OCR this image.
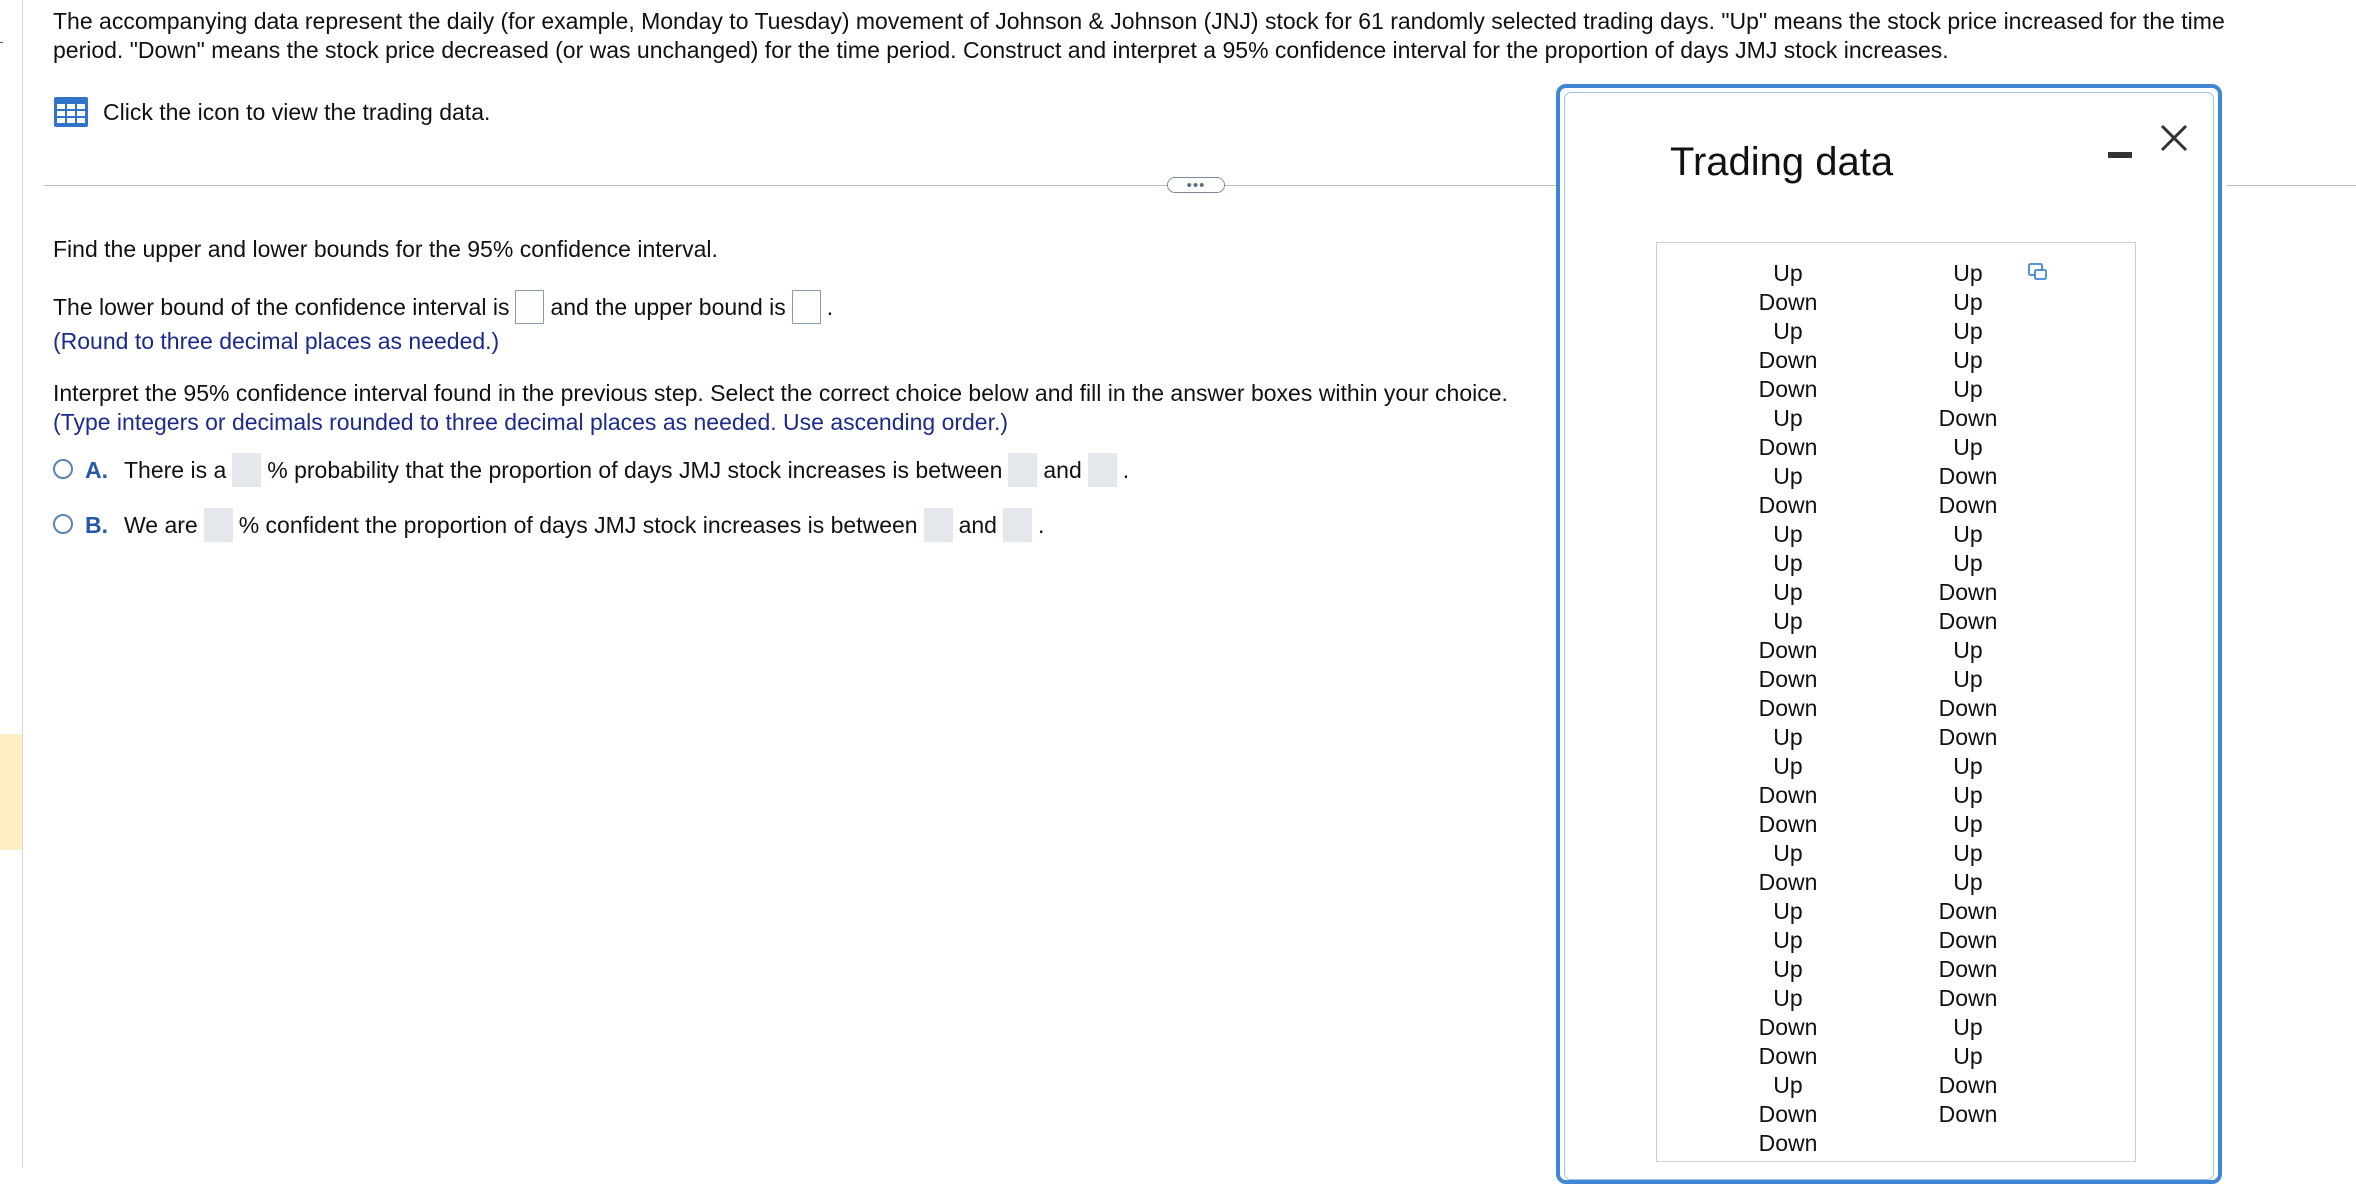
The accompanying data represent the daily (for example, Monday to Tuesday) movement of Johnson & Johnson (JNJ) stock for 61 randomly selected trading days. "Up" means the stock price increased for the time period. "Down" means the stock price decreased (or was unchanged) for the time period. Construct and interpret a 95% confidence interval for the proportion of days JMJ stock increases.
Click the icon to view the trading data.
•••
Find the upper and lower bounds for the 95% confidence interval.
The lower bound of the confidence interval is and the upper bound is .
(Round to three decimal places as needed.)
Interpret the 95% confidence interval found in the previous step. Select the correct choice below and fill in the answer boxes within your choice.
(Type integers or decimals rounded to three decimal places as needed. Use ascending order.)
A. There is a % probability that the proportion of days JMJ stock increases is between and .
B. We are % confident the proportion of days JMJ stock increases is between and .
Trading data
Up
Down
Up
Down
Down
Up
Down
Up
Down
Up
Up
Up
Up
Down
Down
Down
Up
Up
Down
Down
Up
Down
Up
Up
Up
Up
Down
Down
Up
Down
Down
Up
Up
Up
Up
Up
Down
Up
Down
Down
Up
Up
Down
Down
Up
Up
Down
Down
Up
Up
Up
Up
Up
Down
Down
Down
Down
Up
Up
Down
Down
